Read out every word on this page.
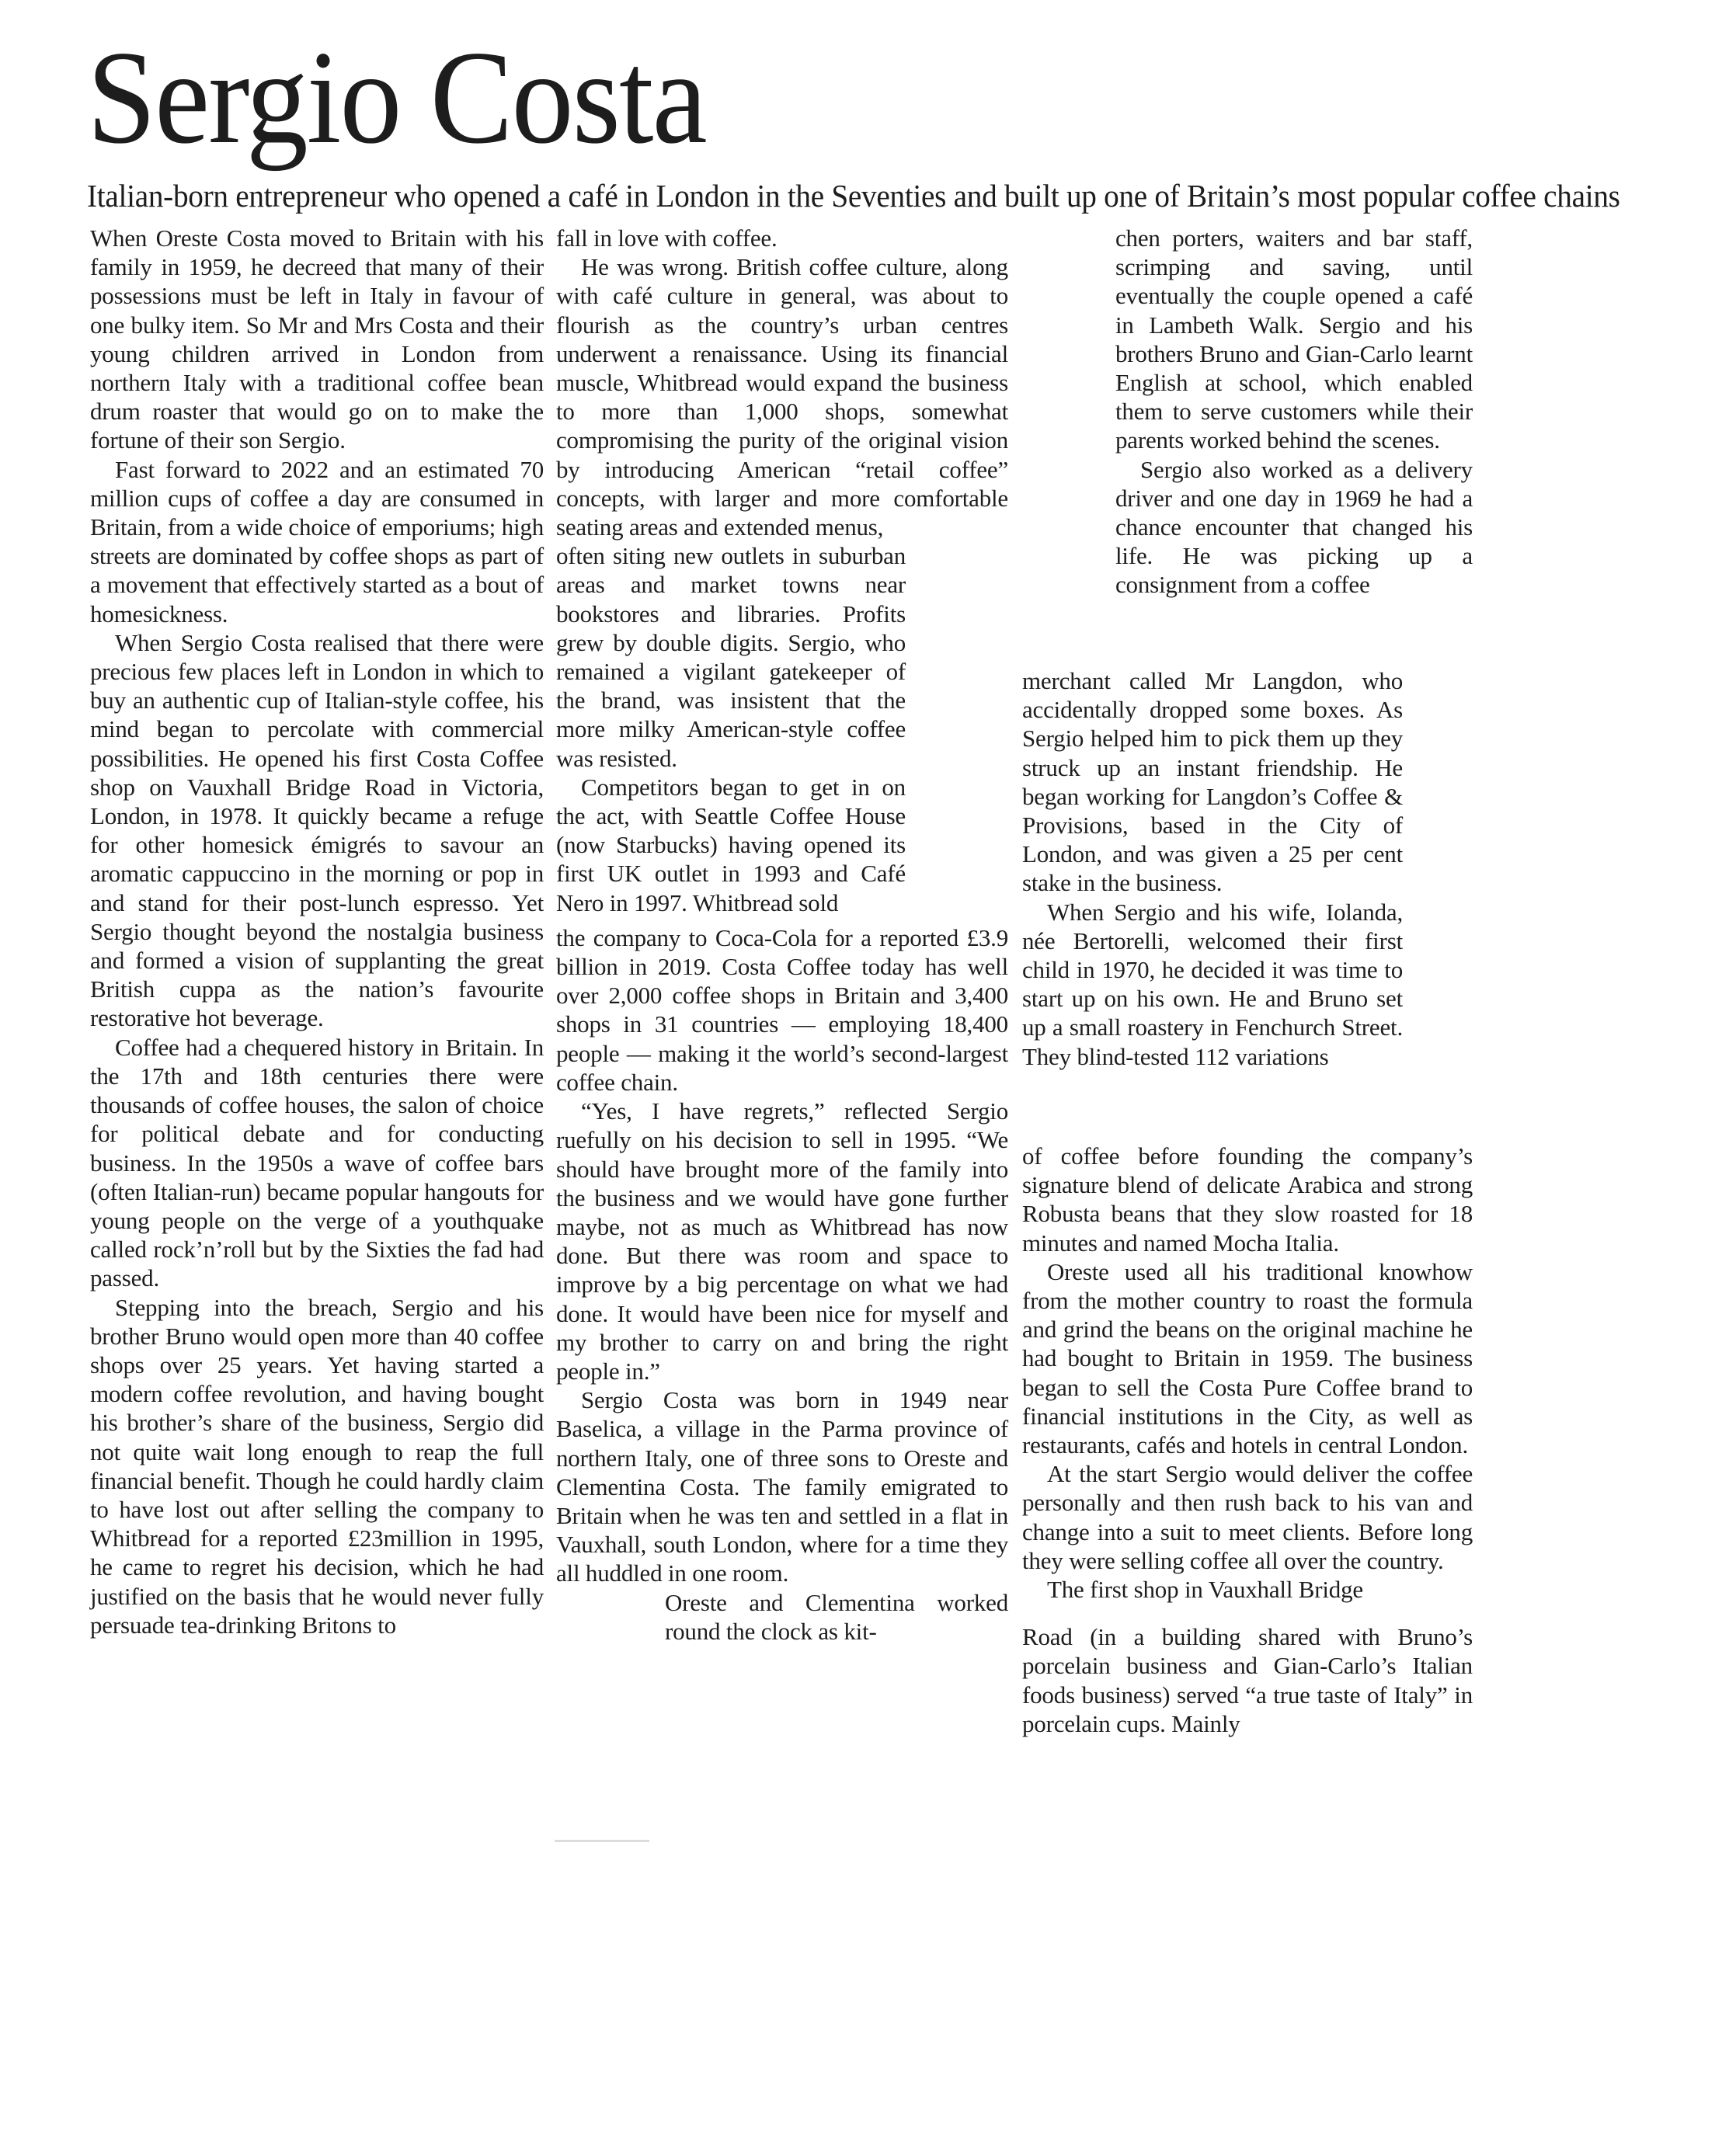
Sergio Costa
Italian-born entrepreneur who opened a café in London in the Seventies and built up one of Britain’s most popular coffee chains

When Oreste Costa moved to Britain with his family in 1959, he decreed that many of their possessions must be left in Italy in favour of one bulky item. So Mr and Mrs Costa and their young children arrived in London from northern Italy with a traditional coffee bean drum roaster that would go on to make the fortune of their son Sergio.

Fast forward to 2022 and an estimated 70 million cups of coffee a day are consumed in Britain, from a wide choice of emporiums; high streets are dominated by coffee shops as part of a movement that effectively started as a bout of homesickness.

When Sergio Costa realised that there were precious few places left in London in which to buy an authentic cup of Italian-style coffee, his mind began to percolate with commercial possibilities. He opened his first Costa Coffee shop on Vauxhall Bridge Road in Victoria, London, in 1978. It quickly became a refuge for other homesick émigrés to savour an aromatic cappuccino in the morning or pop in and stand for their post-lunch espresso. Yet Sergio thought beyond the nostalgia business and formed a vision of supplanting the great British cuppa as the nation’s favourite restorative hot beverage.

Coffee had a chequered history in Britain. In the 17th and 18th centuries there were thousands of coffee houses, the salon of choice for political debate and for conducting business. In the 1950s a wave of coffee bars (often Italian-run) became popular hangouts for young people on the verge of a youthquake called rock’n’roll but by the Sixties the fad had passed.

Stepping into the breach, Sergio and his brother Bruno would open more than 40 coffee shops over 25 years. Yet having started a modern coffee revolution, and having bought his brother’s share of the business, Sergio did not quite wait long enough to reap the full financial benefit. Though he could hardly claim to have lost out after selling the company to Whitbread for a reported £23million in 1995, he came to regret his decision, which he had justified on the basis that he would never fully persuade tea-drinking Britons to

fall in love with coffee.

He was wrong. British coffee culture, along with café culture in general, was about to flourish as the country’s urban centres underwent a renaissance. Using its financial muscle, Whitbread would expand the business to more than 1,000 shops, somewhat compromising the purity of the original vision by introducing American “retail coffee” concepts, with larger and more comfortable seating areas and extended menus,

often siting new outlets in suburban areas and market towns near bookstores and libraries. Profits grew by double digits. Sergio, who remained a vigilant gatekeeper of the brand, was insistent that the more milky American-style coffee was resisted.

Competitors began to get in on the act, with Seattle Coffee House (now Starbucks) having opened its first UK outlet in 1993 and Café Nero in 1997. Whitbread sold

the company to Coca-Cola for a reported £3.9 billion in 2019. Costa Coffee today has well over 2,000 coffee shops in Britain and 3,400 shops in 31 countries — employing 18,400 people — making it the world’s second-largest coffee chain.

“Yes, I have regrets,” reflected Sergio ruefully on his decision to sell in 1995. “We should have brought more of the family into the business and we would have gone further maybe, not as much as Whitbread has now done. But there was room and space to improve by a big percentage on what we had done. It would have been nice for myself and my brother to carry on and bring the right people in.”

Sergio Costa was born in 1949 near Baselica, a village in the Parma province of northern Italy, one of three sons to Oreste and Clementina Costa. The family emigrated to Britain when he was ten and settled in a flat in Vauxhall, south London, where for a time they all huddled in one room.

Oreste and Clementina worked round the clock as kit-

chen porters, waiters and bar staff, scrimping and saving, until eventually the couple opened a café in Lambeth Walk. Sergio and his brothers Bruno and Gian-Carlo learnt English at school, which enabled them to serve customers while their parents worked behind the scenes.

Sergio also worked as a delivery driver and one day in 1969 he had a chance encounter that changed his life. He was picking up a consignment from a coffee

merchant called Mr Langdon, who accidentally dropped some boxes. As Sergio helped him to pick them up they struck up an instant friendship. He began working for Langdon’s Coffee & Provisions, based in the City of London, and was given a 25 per cent stake in the business.

When Sergio and his wife, Iolanda, née Bertorelli, welcomed their first child in 1970, he decided it was time to start up on his own. He and Bruno set up a small roastery in Fenchurch Street. They blind-tested 112 variations

of coffee before founding the company’s signature blend of delicate Arabica and strong Robusta beans that they slow roasted for 18 minutes and named Mocha Italia.

Oreste used all his traditional knowhow from the mother country to roast the formula and grind the beans on the original machine he had bought to Britain in 1959. The business began to sell the Costa Pure Coffee brand to financial institutions in the City, as well as restaurants, cafés and hotels in central London.

At the start Sergio would deliver the coffee personally and then rush back to his van and change into a suit to meet clients. Before long they were selling coffee all over the country.

The first shop in Vauxhall Bridge

Road (in a building shared with Bruno’s porcelain business and Gian-Carlo’s Italian foods business) served “a true taste of Italy” in porcelain cups. Mainly
